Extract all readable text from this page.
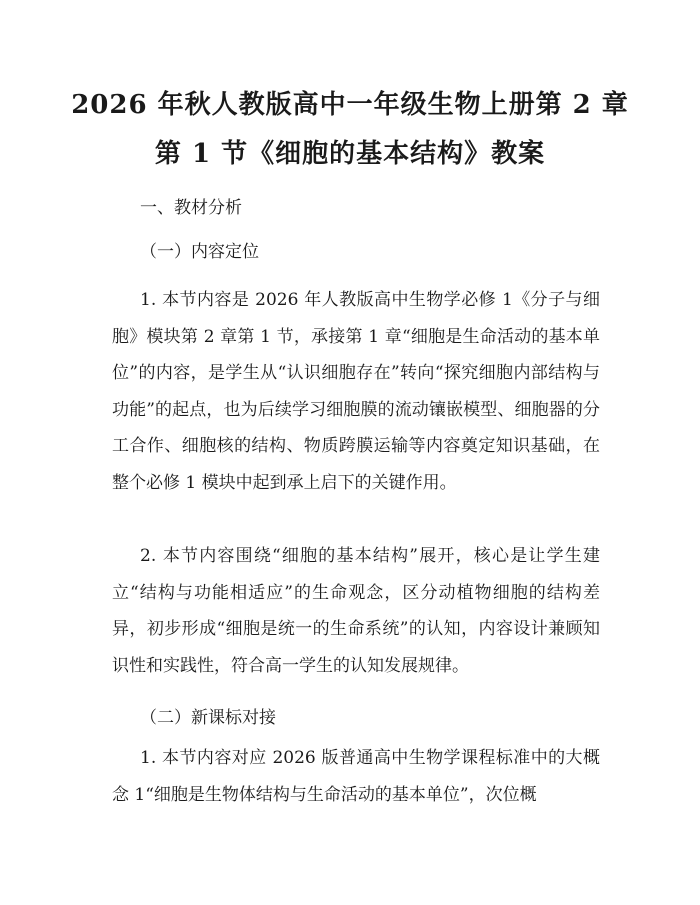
2026 年秋人教版高中一年级生物上册第 2 章
第 1 节《细胞的基本结构》教案
一、教材分析
（一）内容定位
1. 本节内容是 2026 年人教版高中生物学必修 1《分子与细胞》模块第 2 章第 1 节，承接第 1 章“细胞是生命活动的基本单位”的内容，是学生从“认识细胞存在”转向“探究细胞内部结构与功能”的起点，也为后续学习细胞膜的流动镶嵌模型、细胞器的分工合作、细胞核的结构、物质跨膜运输等内容奠定知识基础，在整个必修 1 模块中起到承上启下的关键作用。
2. 本节内容围绕“细胞的基本结构”展开，核心是让学生建立“结构与功能相适应”的生命观念，区分动植物细胞的结构差异，初步形成“细胞是统一的生命系统”的认知，内容设计兼顾知识性和实践性，符合高一学生的认知发展规律。
（二）新课标对接
1. 本节内容对应 2026 版普通高中生物学课程标准中的大概念 1“细胞是生物体结构与生命活动的基本单位”，次位概
